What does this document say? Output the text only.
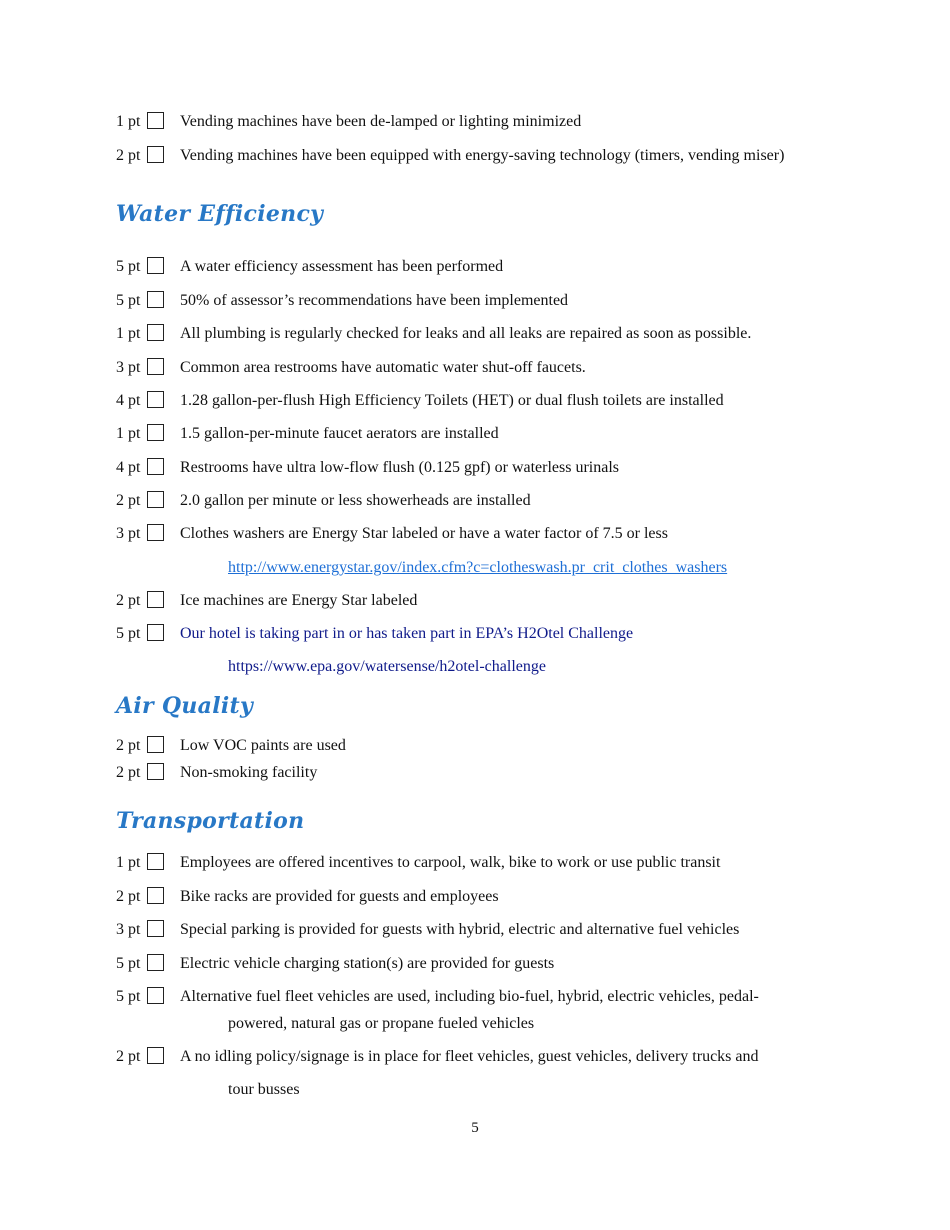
1 pt Vending machines have been de-lamped or lighting minimized
2 pt Vending machines have been equipped with energy-saving technology (timers, vending miser)
Water Efficiency
5 pt A water efficiency assessment has been performed
5 pt 50% of assessor’s recommendations have been implemented
1 pt All plumbing is regularly checked for leaks and all leaks are repaired as soon as possible.
3 pt Common area restrooms have automatic water shut-off faucets.
4 pt 1.28 gallon-per-flush High Efficiency Toilets (HET) or dual flush toilets are installed
1 pt 1.5 gallon-per-minute faucet aerators are installed
4 pt Restrooms have ultra low-flow flush (0.125 gpf) or waterless urinals
2 pt 2.0 gallon per minute or less showerheads are installed
3 pt Clothes washers are Energy Star labeled or have a water factor of 7.5 or less
http://www.energystar.gov/index.cfm?c=clotheswash.pr_crit_clothes_washers
2 pt Ice machines are Energy Star labeled
5 pt Our hotel is taking part in or has taken part in EPA’s H2Otel Challenge
https://www.epa.gov/watersense/h2otel-challenge
Air Quality
2 pt Low VOC paints are used
2 pt Non-smoking facility
Transportation
1 pt Employees are offered incentives to carpool, walk, bike to work or use public transit
2 pt Bike racks are provided for guests and employees
3 pt Special parking is provided for guests with hybrid, electric and alternative fuel vehicles
5 pt Electric vehicle charging station(s) are provided for guests
5 pt Alternative fuel fleet vehicles are used, including bio-fuel, hybrid, electric vehicles, pedal-
powered, natural gas or propane fueled vehicles
2 pt A no idling policy/signage is in place for fleet vehicles, guest vehicles, delivery trucks and
tour busses
5
